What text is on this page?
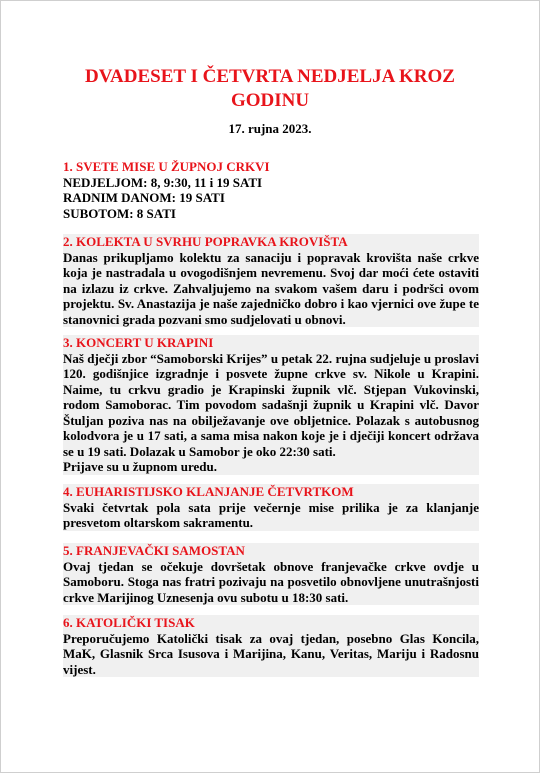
DVADESET I ČETVRTA NEDJELJA KROZ GODINU
17. rujna 2023.
1. SVETE MISE U ŽUPNOJ CRKVI
NEDJELJOM: 8, 9:30, 11 i 19 SATI
RADNIM DANOM: 19 SATI
SUBOTOM: 8 SATI
2. KOLEKTA U SVRHU POPRAVKA KROVIŠTA
Danas prikupljamo kolektu za sanaciju i popravak krovišta naše crkve koja je nastradala u ovogodišnjem nevremenu. Svoj dar moći ćete ostaviti na izlazu iz crkve. Zahvaljujemo na svakom vašem daru i podršci ovom projektu. Sv. Anastazija je naše zajedničko dobro i kao vjernici ove župe te stanovnici grada pozvani smo sudjelovati u obnovi.
3. KONCERT U KRAPINI
Naš dječji zbor “Samoborski Krijes” u petak 22. rujna sudjeluje u proslavi 120. godišnjice izgradnje i posvete župne crkve sv. Nikole u Krapini. Naime, tu crkvu gradio je Krapinski župnik vlč. Stjepan Vukovinski, rodom Samoborac. Tim povodom sadašnji župnik u Krapini vlč. Davor Štuljan poziva nas na obilježavanje ove obljetnice. Polazak s autobusnog kolodvora je u 17 sati, a sama misa nakon koje je i dječiji koncert održava se u 19 sati. Dolazak u Samobor je oko 22:30 sati.
Prijave su u župnom uredu.
4. EUHARISTIJSKO KLANJANJE ČETVRTKOM
Svaki četvrtak pola sata prije večernje mise prilika je za klanjanje presvetom oltarskom sakramentu.
5. FRANJEVAČKI SAMOSTAN
Ovaj tjedan se očekuje dovršetak obnove franjevačke crkve ovdje u Samoboru. Stoga nas fratri pozivaju na posvetilo obnovljene unutrašnjosti crkve Marijinog Uznesenja ovu subotu u 18:30 sati.
6. KATOLIČKI TISAK
Preporučujemo Katolički tisak za ovaj tjedan, posebno Glas Koncila, MaK, Glasnik Srca Isusova i Marijina, Kanu, Veritas, Mariju i Radosnu vijest.
